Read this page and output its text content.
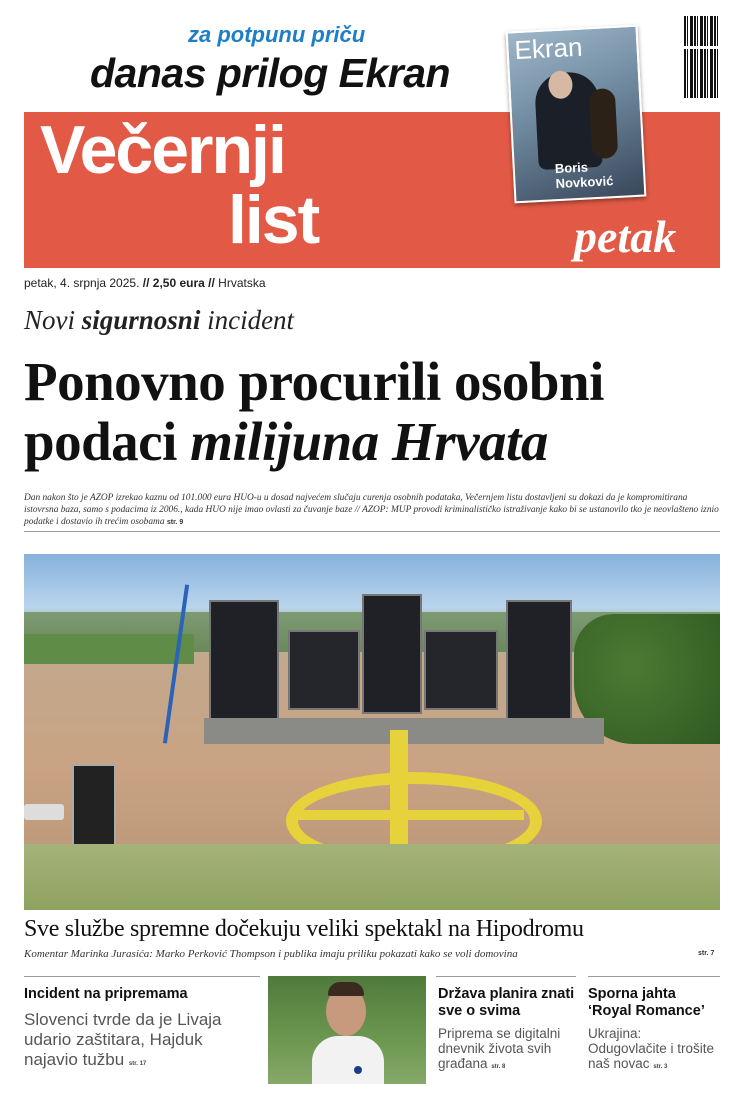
za potpunu priču
danas prilog Ekran
Večernji
list	petak
Ekran
Boris
Novković
petak, 4. srpnja 2025. // 2,50 eura // Hrvatska
Novi sigurnosni incident
Ponovno procurili osobni
podaci milijuna Hrvata
Dan nakon što je AZOP izrekao kaznu od 101.000 eura HUO-u u dosad najvećem slučaju curenja osobnih podataka, Večernjem listu dostavljeni su dokazi da je kompromitirana istovrsna baza, samo s podacima iz 2006., kada HUO nije imao ovlasti za čuvanje baze // AZOP: MUP provodi kriminalističko istraživanje kako bi se ustanovilo tko je neovlašteno iznio podatke i dostavio ih trećim osobama str. 9
Sve službe spremne dočekuju veliki spektakl na Hipodromu
Komentar Marinka Jurasića: Marko Perković Thompson i publika imaju priliku pokazati kako se voli domovina	str. 7
Incident na pripremama
Slovenci tvrde da je Livaja udario zaštitara, Hajduk najavio tužbu str. 17
Država planira znati sve o svima
Priprema se digitalni dnevnik života svih građana str. 8
Sporna jahta ‘Royal Romance’
Ukrajina: Odugovlačite i trošite naš novac str. 3
